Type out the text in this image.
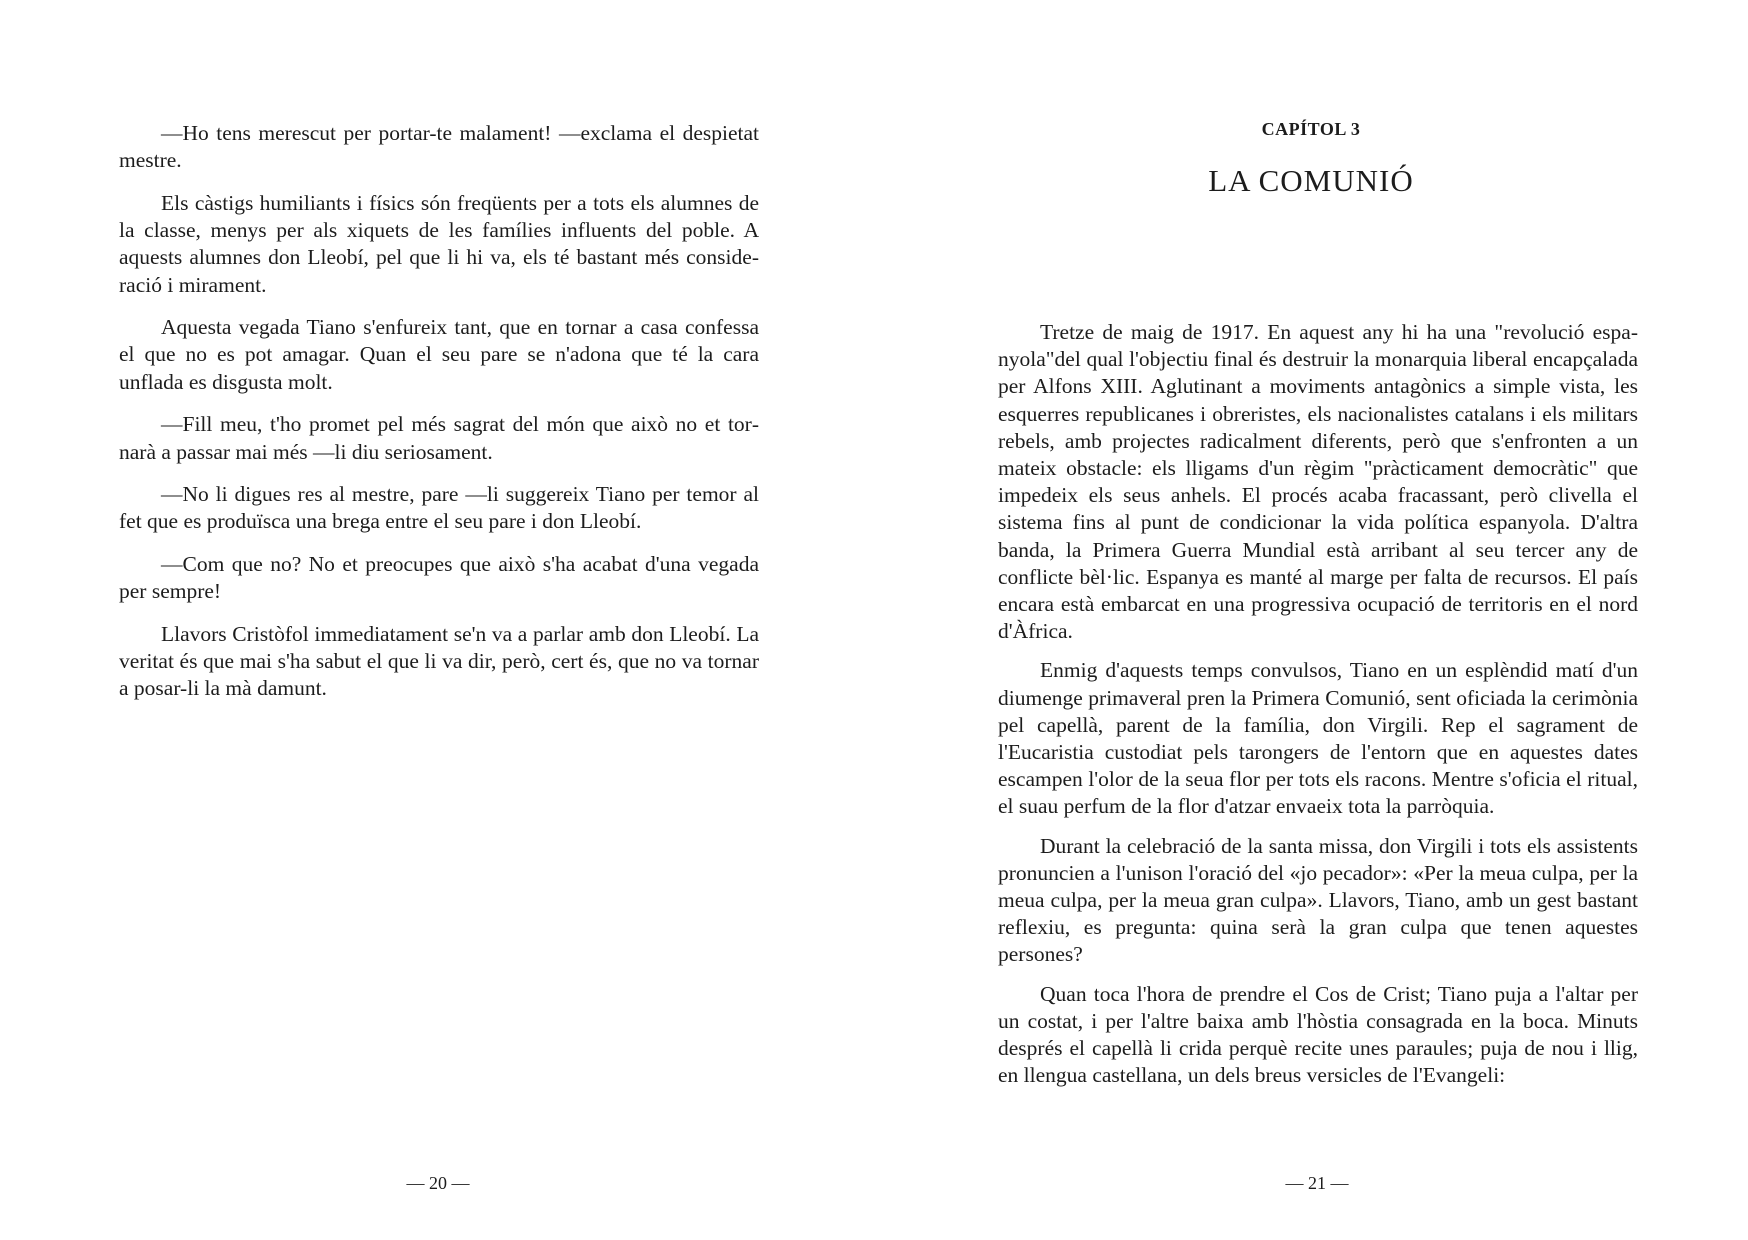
—Ho tens merescut per portar-te malament! —exclama el despietat mestre.

Els càstigs humiliants i físics són freqüents per a tots els alumnes de la classe, menys per als xiquets de les famílies influents del poble. A aquests alumnes don Lleobí, pel que li hi va, els té bastant més consideració i mirament.

Aquesta vegada Tiano s'enfureix tant, que en tornar a casa confessa el que no es pot amagar. Quan el seu pare se n'adona que té la cara unflada es disgusta molt.

—Fill meu, t'ho promet pel més sagrat del món que això no et tornarà a passar mai més —li diu seriosament.

—No li digues res al mestre, pare —li suggereix Tiano per temor al fet que es produïsca una brega entre el seu pare i don Lleobí.

—Com que no? No et preocupes que això s'ha acabat d'una vegada per sempre!

Llavors Cristòfol immediatament se'n va a parlar amb don Lleobí. La veritat és que mai s'ha sabut el que li va dir, però, cert és, que no va tornar a posar-li la mà damunt.

— 20 —
CAPÍTOL 3
LA COMUNIÓ

Tretze de maig de 1917. En aquest any hi ha una "revolució espanyola"del qual l'objectiu final és destruir la monarquia liberal encapçalada per Alfons XIII. Aglutinant a moviments antagònics a simple vista, les esquerres republicanes i obreristes, els nacionalistes catalans i els militars rebels, amb projectes radicalment diferents, però que s'enfronten a un mateix obstacle: els lligams d'un règim "pràcticament democràtic" que impedeix els seus anhels. El procés acaba fracassant, però clivella el sistema fins al punt de condicionar la vida política espanyola. D'altra banda, la Primera Guerra Mundial està arribant al seu tercer any de conflicte bèl·lic. Espanya es manté al marge per falta de recursos. El país encara està embarcat en una progressiva ocupació de territoris en el nord d'Àfrica.

Enmig d'aquests temps convulsos, Tiano en un esplèndid matí d'un diumenge primaveral pren la Primera Comunió, sent oficiada la cerimònia pel capellà, parent de la família, don Virgili. Rep el sagrament de l'Eucaristia custodiat pels tarongers de l'entorn que en aquestes dates escampen l'olor de la seua flor per tots els racons. Mentre s'oficia el ritual, el suau perfum de la flor d'atzar envaeix tota la parròquia.

Durant la celebració de la santa missa, don Virgili i tots els assistents pronuncien a l'unison l'oració del «jo pecador»: «Per la meua culpa, per la meua culpa, per la meua gran culpa». Llavors, Tiano, amb un gest bastant reflexiu, es pregunta: quina serà la gran culpa que tenen aquestes persones?

Quan toca l'hora de prendre el Cos de Crist; Tiano puja a l'altar per un costat, i per l'altre baixa amb l'hòstia consagrada en la boca. Minuts després el capellà li crida perquè recite unes paraules; puja de nou i llig, en llengua castellana, un dels breus versicles de l'Evangeli:

— 21 —
